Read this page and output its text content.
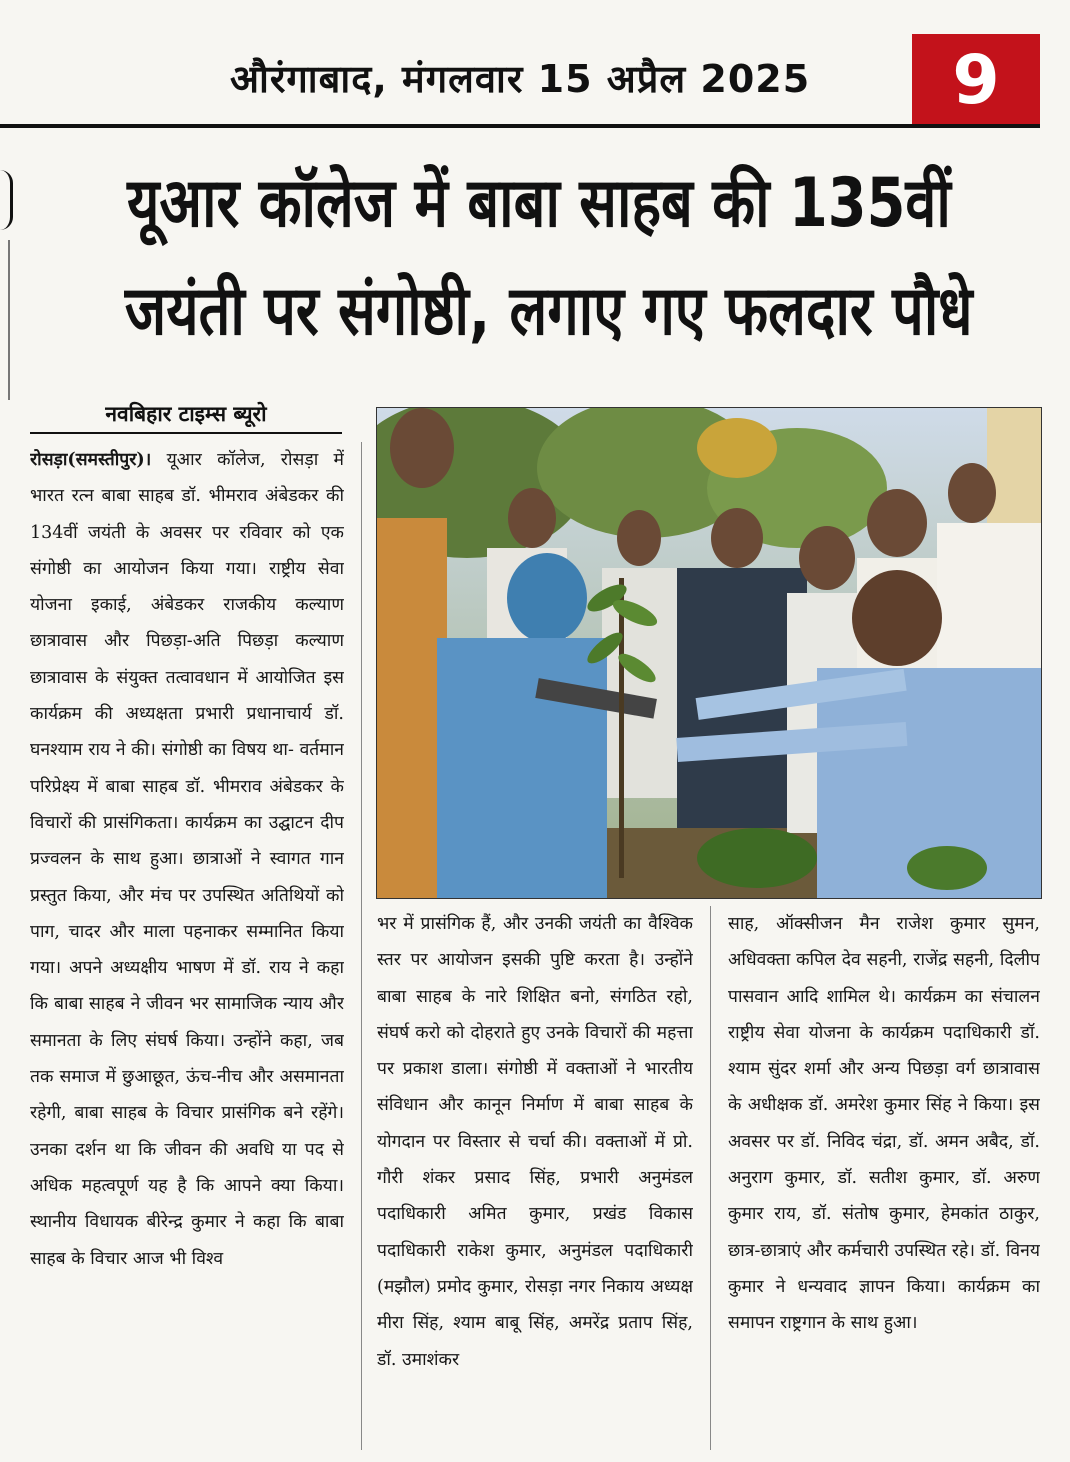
औरंगाबाद, मंगलवार 15 अप्रैल 2025	9
यूआर कॉलेज में बाबा साहब की 135वीं
जयंती पर संगोष्ठी, लगाए गए फलदार पौधे
नवबिहार टाइम्स ब्यूरो

रोसड़ा(समस्तीपुर)। यूआर कॉलेज, रोसड़ा में भारत रत्न बाबा साहब डॉ. भीमराव अंबेडकर की 134वीं जयंती के अवसर पर रविवार को एक संगोष्ठी का आयोजन किया गया। राष्ट्रीय सेवा योजना इकाई, अंबेडकर राजकीय कल्याण छात्रावास और पिछड़ा-अति पिछड़ा कल्याण छात्रावास के संयुक्त तत्वावधान में आयोजित इस कार्यक्रम की अध्यक्षता प्रभारी प्रधानाचार्य डॉ. घनश्याम राय ने की। संगोष्ठी का विषय था- वर्तमान परिप्रेक्ष्य में बाबा साहब डॉ. भीमराव अंबेडकर के विचारों की प्रासंगिकता। कार्यक्रम का उद्घाटन दीप प्रज्वलन के साथ हुआ। छात्राओं ने स्वागत गान प्रस्तुत किया, और मंच पर उपस्थित अतिथियों को पाग, चादर और माला पहनाकर सम्मानित किया गया। अपने अध्यक्षीय भाषण में डॉ. राय ने कहा कि बाबा साहब ने जीवन भर सामाजिक न्याय और समानता के लिए संघर्ष किया। उन्होंने कहा, जब तक समाज में छुआछूत, ऊंच-नीच और असमानता रहेगी, बाबा साहब के विचार प्रासंगिक बने रहेंगे। उनका दर्शन था कि जीवन की अवधि या पद से अधिक महत्वपूर्ण यह है कि आपने क्या किया। स्थानीय विधायक बीरेन्द्र कुमार ने कहा कि बाबा साहब के विचार आज भी विश्व

भर में प्रासंगिक हैं, और उनकी जयंती का वैश्विक स्तर पर आयोजन इसकी पुष्टि करता है। उन्होंने बाबा साहब के नारे शिक्षित बनो, संगठित रहो, संघर्ष करो को दोहराते हुए उनके विचारों की महत्ता पर प्रकाश डाला। संगोष्ठी में वक्ताओं ने भारतीय संविधान और कानून निर्माण में बाबा साहब के योगदान पर विस्तार से चर्चा की। वक्ताओं में प्रो. गौरी शंकर प्रसाद सिंह, प्रभारी अनुमंडल पदाधिकारी अमित कुमार, प्रखंड विकास पदाधिकारी राकेश कुमार, अनुमंडल पदाधिकारी (मझौल) प्रमोद कुमार, रोसड़ा नगर निकाय अध्यक्ष मीरा सिंह, श्याम बाबू सिंह, अमरेंद्र प्रताप सिंह, डॉ. उमाशंकर

साह, ऑक्सीजन मैन राजेश कुमार सुमन, अधिवक्ता कपिल देव सहनी, राजेंद्र सहनी, दिलीप पासवान आदि शामिल थे। कार्यक्रम का संचालन राष्ट्रीय सेवा योजना के कार्यक्रम पदाधिकारी डॉ. श्याम सुंदर शर्मा और अन्य पिछड़ा वर्ग छात्रावास के अधीक्षक डॉ. अमरेश कुमार सिंह ने किया। इस अवसर पर डॉ. निविद चंद्रा, डॉ. अमन अबैद, डॉ. अनुराग कुमार, डॉ. सतीश कुमार, डॉ. अरुण कुमार राय, डॉ. संतोष कुमार, हेमकांत ठाकुर, छात्र-छात्राएं और कर्मचारी उपस्थित रहे। डॉ. विनय कुमार ने धन्यवाद ज्ञापन किया। कार्यक्रम का समापन राष्ट्रगान के साथ हुआ।
